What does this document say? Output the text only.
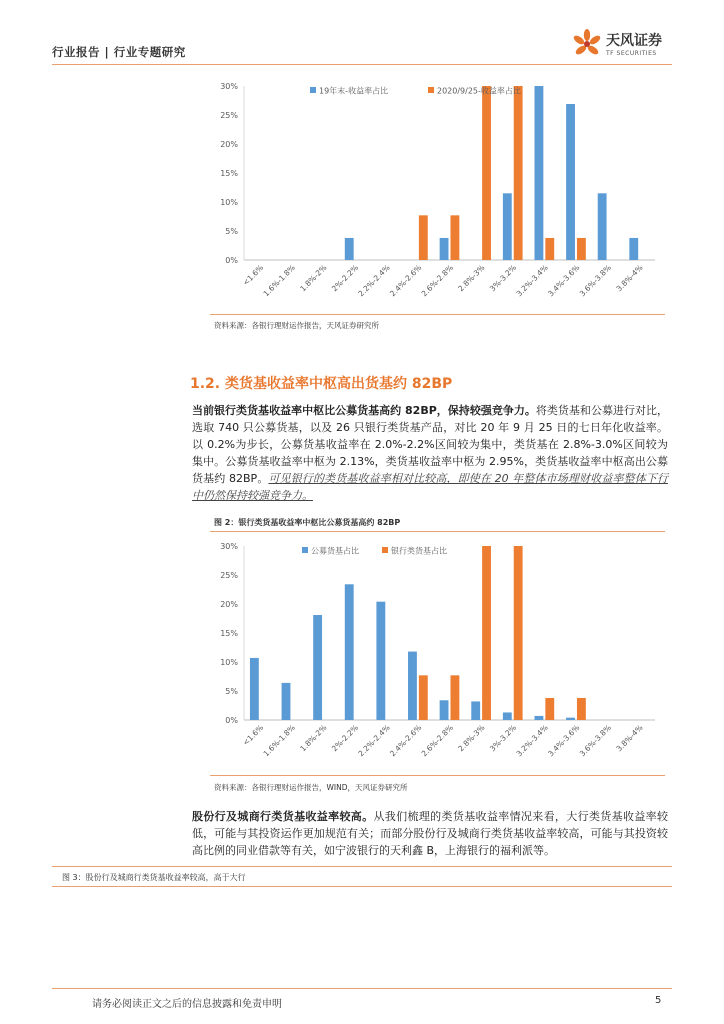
行业报告 | 行业专题研究
天风证券
TF SECURITIES
0%
5%
10%
15%
20%
25%
30%
<1.6%
1.6%-1.8% 1.8%-2% 2%-2.2%
2.2%-2.4%
2.4%-2.6%
2.6%-2.8% 2.8%-3% 3%-3.2%
3.2%-3.4%
3.4%-3.6%
3.6%-3.8% 3.8%-4%
19年末-收益率占比	2020/9/25-收益率占比
资料来源：各银行理财运作报告，天风证券研究所
1.2. 类货基收益率中枢高出货基约 82BP
当前银行类货基收益率中枢比公募货基高约 82BP，保持较强竞争力。将类货基和公募进行对比，选取 740 只公募货基，以及 26 只银行类货基产品，对比 20 年 9 月 25 日的七日年化收益率。以 0.2%为步长，公募货基收益率在 2.0%-2.2%区间较为集中，类货基在 2.8%-3.0%区间较为集中。公募货基收益率中枢为 2.13%，类货基收益率中枢为 2.95%，类货基收益率中枢高出公募货基约 82BP。可见银行的类货基收益率相对比较高，即使在 20 年整体市场理财收益率整体下行中仍然保持较强竞争力。
图 2：银行类货基收益率中枢比公募货基高约 82BP
0%
5%
10%
15%
20%
25%
30%
<1.6%
1.6%-1.8% 1.8%-2% 2%-2.2%
2.2%-2.4%
2.4%-2.6%
2.6%-2.8% 2.8%-3% 3%-3.2%
3.2%-3.4%
3.4%-3.6%
3.6%-3.8% 3.8%-4%
公募货基占比	银行类货基占比
资料来源：各银行理财运作报告，WIND，天风证券研究所
股份行及城商行类货基收益率较高。从我们梳理的类货基收益率情况来看，大行类货基收益率较低，可能与其投资运作更加规范有关；而部分股份行及城商行类货基收益率较高，可能与其投资较高比例的同业借款等有关，如宁波银行的天利鑫 B，上海银行的福利派等。
图 3：股份行及城商行类货基收益率较高，高于大行
请务必阅读正文之后的信息披露和免责申明	5
